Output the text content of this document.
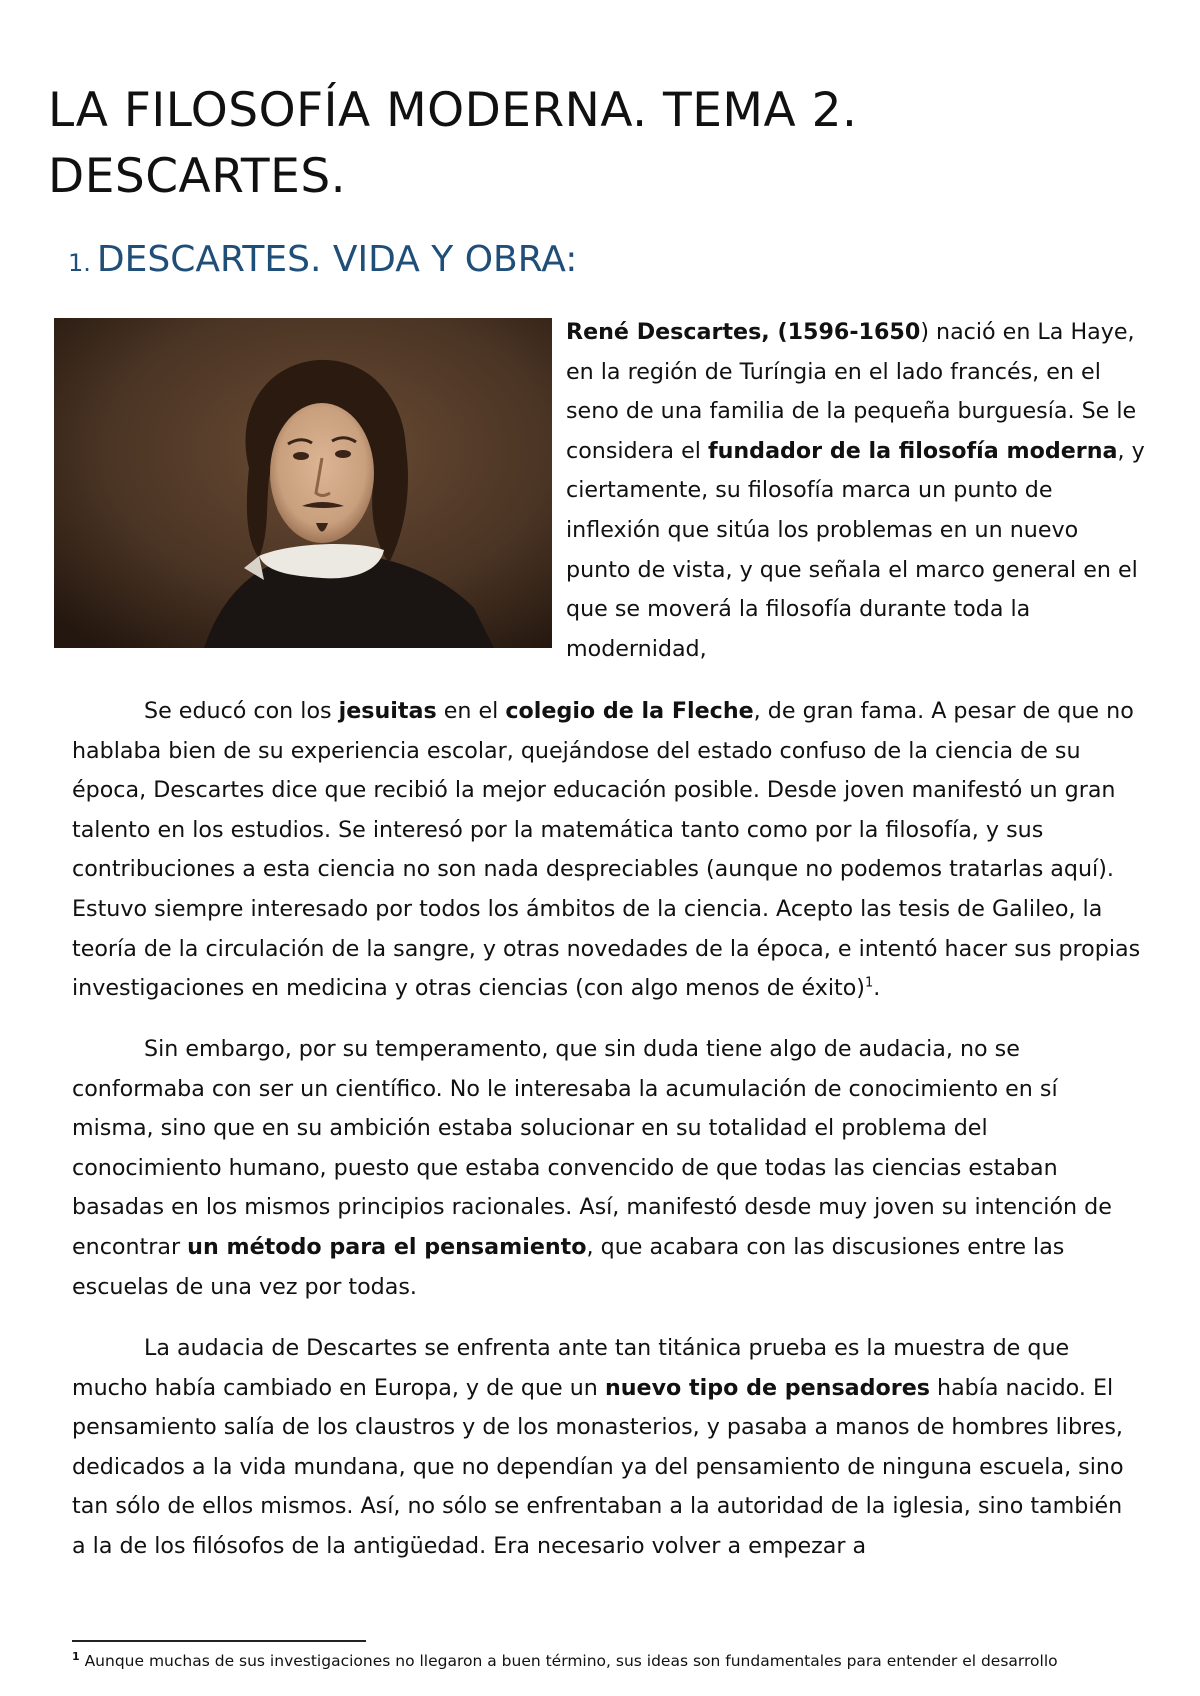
LA FILOSOFÍA MODERNA. TEMA 2. DESCARTES.
1. DESCARTES. VIDA Y OBRA:

René Descartes, (1596-1650) nació en La Haye, en la región de Turíngia en el lado francés, en el seno de una familia de la pequeña burguesía. Se le considera el fundador de la filosofía moderna, y ciertamente, su filosofía marca un punto de inflexión que sitúa los problemas en un nuevo punto de vista, y que señala el marco general en el que se moverá la filosofía durante toda la modernidad,

Se educó con los jesuitas en el colegio de la Fleche, de gran fama. A pesar de que no hablaba bien de su experiencia escolar, quejándose del estado confuso de la ciencia de su época, Descartes dice que recibió la mejor educación posible. Desde joven manifestó un gran talento en los estudios. Se interesó por la matemática tanto como por la filosofía, y sus contribuciones a esta ciencia no son nada despreciables (aunque no podemos tratarlas aquí). Estuvo siempre interesado por todos los ámbitos de la ciencia. Acepto las tesis de Galileo, la teoría de la circulación de la sangre, y otras novedades de la época, e intentó hacer sus propias investigaciones en medicina y otras ciencias (con algo menos de éxito)$^1$.

Sin embargo, por su temperamento, que sin duda tiene algo de audacia, no se conformaba con ser un científico. No le interesaba la acumulación de conocimiento en sí misma, sino que en su ambición estaba solucionar en su totalidad el problema del conocimiento humano, puesto que estaba convencido de que todas las ciencias estaban basadas en los mismos principios racionales. Así, manifestó desde muy joven su intención de encontrar un método para el pensamiento, que acabara con las discusiones entre las escuelas de una vez por todas.

La audacia de Descartes se enfrenta ante tan titánica prueba es la muestra de que mucho había cambiado en Europa, y de que un nuevo tipo de pensadores había nacido. El pensamiento salía de los claustros y de los monasterios, y pasaba a manos de hombres libres, dedicados a la vida mundana, que no dependían ya del pensamiento de ninguna escuela, sino tan sólo de ellos mismos. Así, no sólo se enfrentaban a la autoridad de la iglesia, sino también a la de los filósofos de la antigüedad. Era necesario volver a empezar a

$^1$ Aunque muchas de sus investigaciones no llegaron a buen término, sus ideas son fundamentales para entender el desarrollo
